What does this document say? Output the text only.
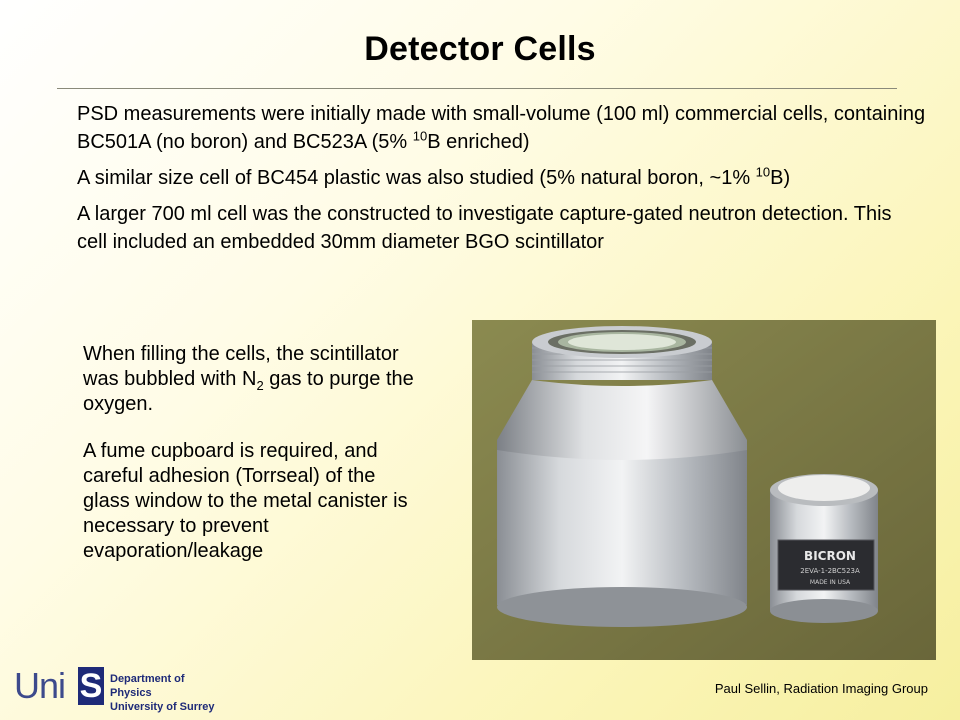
Detector Cells

PSD measurements were initially made with small-volume (100 ml) commercial cells, containing BC501A (no boron) and BC523A (5% $^{10}$B enriched)

A similar size cell of BC454 plastic was also studied (5% natural boron, ~1% $^{10}$B)

A larger 700 ml cell was the constructed to investigate capture-gated neutron detection. This cell included an embedded 30mm diameter BGO scintillator

When filling the cells, the scintillator was bubbled with $N_2$ gas to purge the oxygen.

A fume cupboard is required, and careful adhesion (Torrseal) of the glass window to the metal canister is necessary to prevent evaporation/leakage	BICRON
2EVA-1-2BC523A
MADE IN USA
Uni S Department of Physics
University of Surrey
Paul Sellin, Radiation Imaging Group
